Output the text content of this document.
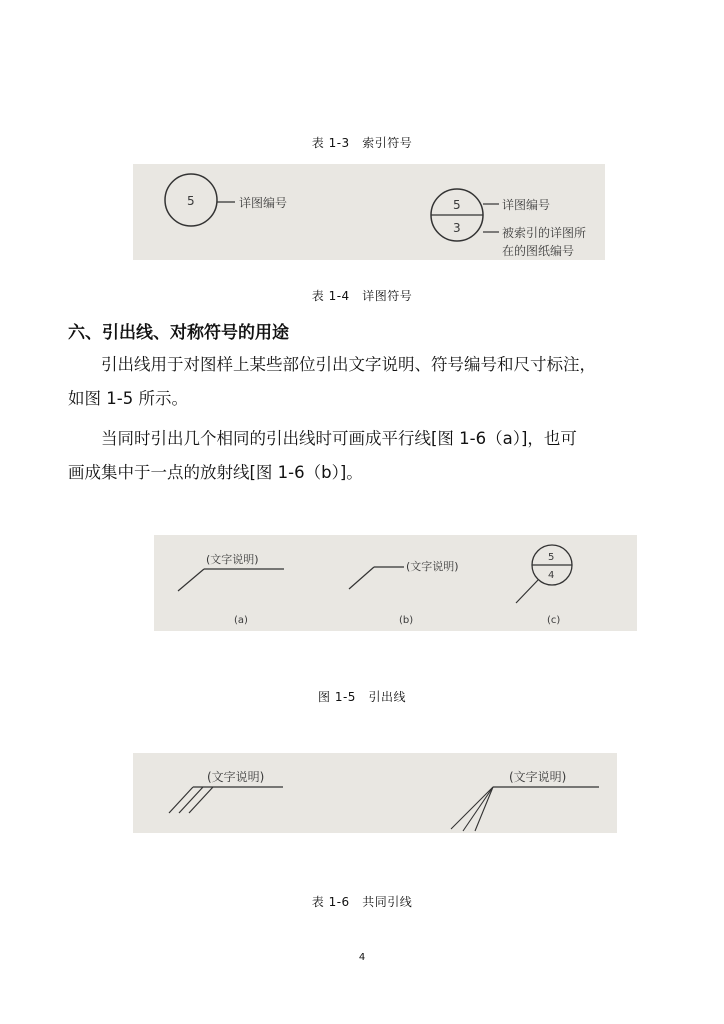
表 1-3　索引符号
5	详图编号	5
3
详图编号
被索引的详图所
在的图纸编号
表 1-4　详图符号
六、引出线、对称符号的用途
引出线用于对图样上某些部位引出文字说明、符号编号和尺寸标注，
如图 1-5 所示。
当同时引出几个相同的引出线时可画成平行线[图 1-6（a）]，也可
画成集中于一点的放射线[图 1-6（b）]。
(文字说明)
(a)
(文字说明)
(b)
5
4
(c)
图 1-5　引出线
(文字说明)	(文字说明)
表 1-6　共同引线
4
